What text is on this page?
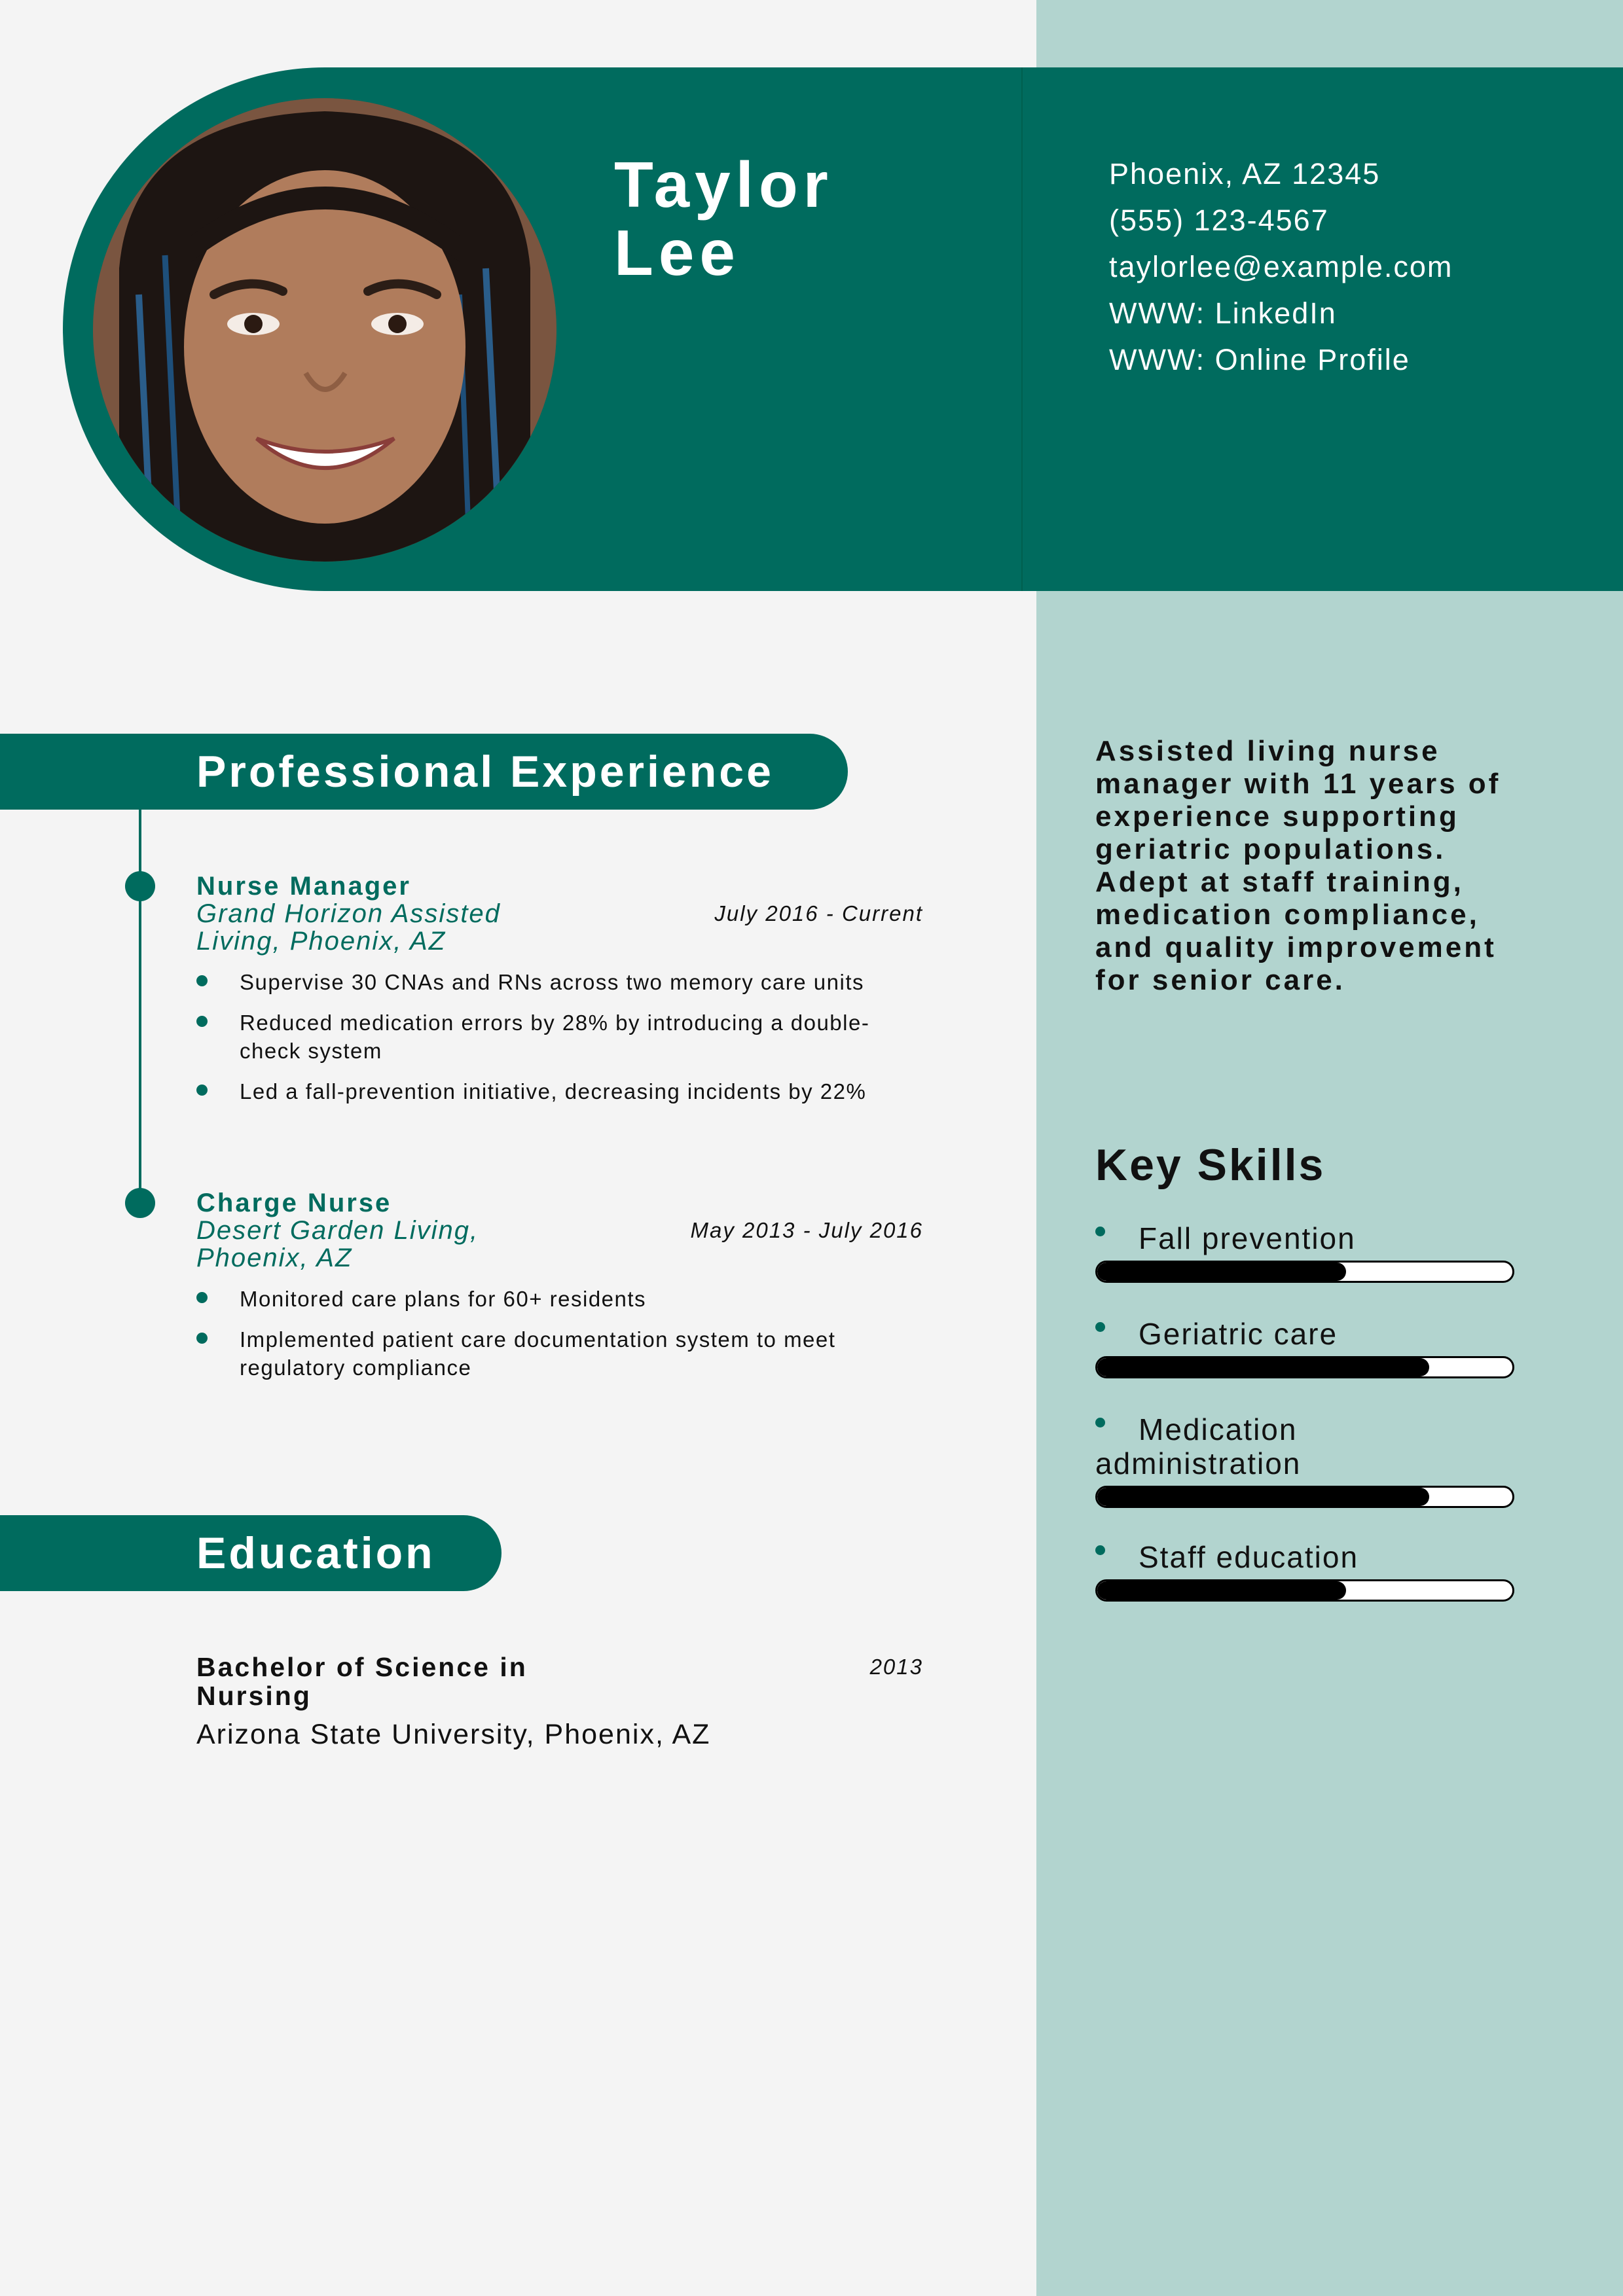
Taylor
Lee
Phoenix, AZ 12345
(555) 123-4567
taylorlee@example.com
WWW: LinkedIn
WWW: Online Profile
Professional Experience

Nurse Manager

Grand Horizon Assisted Living, Phoenix, AZ

July 2016 - Current

Supervise 30 CNAs and RNs across two memory care units
Reduced medication errors by 28% by introducing a double-check system
Led a fall-prevention initiative, decreasing incidents by 22%

Charge Nurse

Desert Garden Living, Phoenix, AZ

May 2013 - July 2016

Monitored care plans for 60+ residents
Implemented patient care documentation system to meet regulatory compliance
Education

Bachelor of Science in Nursing

2013

Arizona State University, Phoenix, AZ

Assisted living nurse manager with 11 years of experience supporting geriatric populations. Adept at staff training, medication compliance, and quality improvement for senior care.

Key Skills

Fall prevention

Geriatric care

Medication administration

Staff education
